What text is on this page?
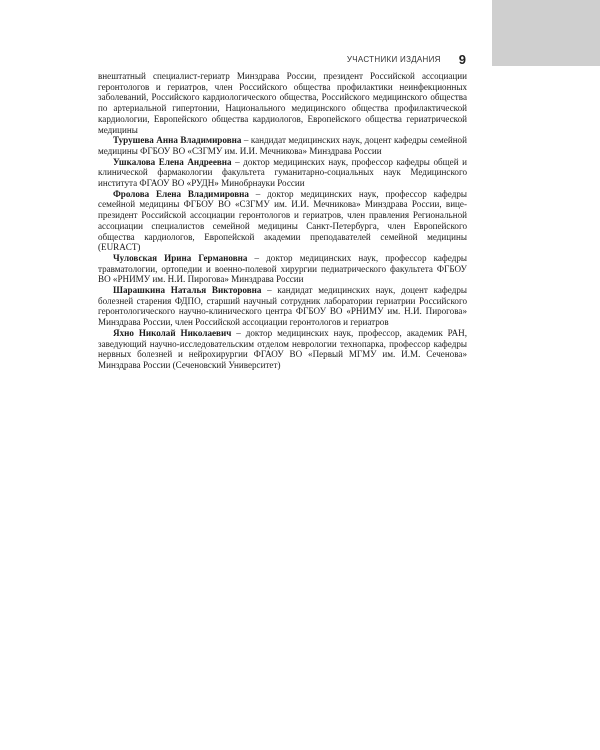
УЧАСТНИКИ ИЗДАНИЯ 9

внештатный специалист-гериатр Минздрава России, президент Российской ассоциации геронтологов и гериатров, член Российского общества профилактики неинфекционных заболеваний, Российского кардиологического общества, Российского медицинского общества по артериальной гипертонии, Национального медицинского общества профилактической кардиологии, Европейского общества кардиологов, Европейского общества гериатрической медицины

Турушева Анна Владимировна – кандидат медицинских наук, доцент кафедры семейной медицины ФГБОУ ВО «СЗГМУ им. И.И. Мечникова» Минздрава России

Ушкалова Елена Андреевна – доктор медицинских наук, профессор кафедры общей и клинической фармакологии факультета гуманитарно-социальных наук Медицинского института ФГАОУ ВО «РУДН» Минобрнауки России

Фролова Елена Владимировна – доктор медицинских наук, профессор кафедры семейной медицины ФГБОУ ВО «СЗГМУ им. И.И. Мечникова» Минздрава России, вице-президент Российской ассоциации геронтологов и гериатров, член правления Региональной ассоциации специалистов семейной медицины Санкт-Петербурга, член Европейского общества кардиологов, Европейской академии преподавателей семейной медицины (EURACT)

Чуловская Ирина Германовна – доктор медицинских наук, профессор кафедры травматологии, ортопедии и военно-полевой хирургии педиатрического факультета ФГБОУ ВО «РНИМУ им. Н.И. Пирогова» Минздрава России

Шарашкина Наталья Викторовна – кандидат медицинских наук, доцент кафедры болезней старения ФДПО, старший научный сотрудник лаборатории гериатрии Российского геронтологического научно-клинического центра ФГБОУ ВО «РНИМУ им. Н.И. Пирогова» Минздрава России, член Российской ассоциации геронтологов и гериатров

Яхно Николай Николаевич – доктор медицинских наук, профессор, академик РАН, заведующий научно-исследовательским отделом неврологии технопарка, профессор кафедры нервных болезней и нейрохирургии ФГАОУ ВО «Первый МГМУ им. И.М. Сеченова» Минздрава России (Сеченовский Университет)
